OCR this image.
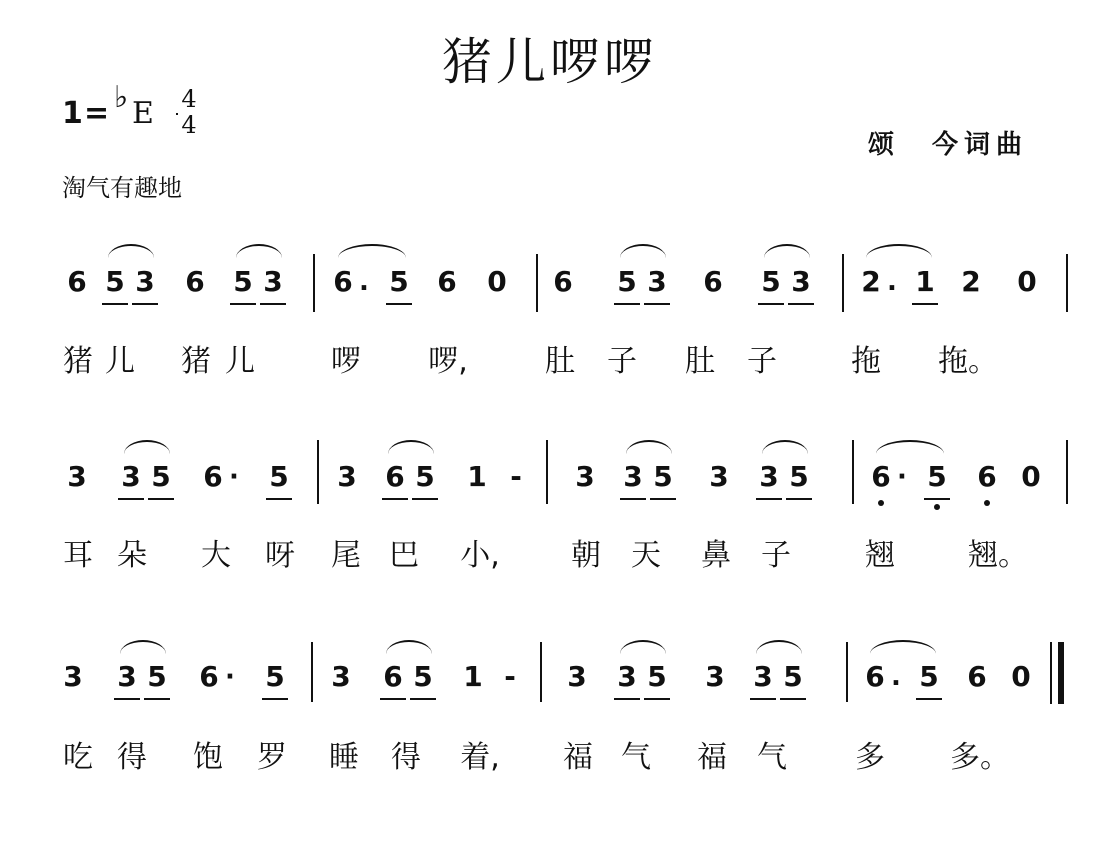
猪儿啰啰
1 = ♭ E 4
4
颂　今词曲
淘气有趣地
6 5 3 6 5 3 6 . 5 6 0 6 5 3 6 5 3 2 . 1 2 0
猪 儿 猪 儿	啰 啰,	肚 子 肚 子 拖 拖。
3 3 5 6 · 5 3 6 5 1 - 3 3 5 3 3 5 6 · 5 6 0
耳 朵 大 呀 尾 巴 小, 朝 天 鼻 子 翘 翘。
3 3 5 6 · 5 3 6 5 1 - 3 3 5 3 3 5 6 . 5 6 0
吃 得 饱 罗 睡 得 着, 福 气 福 气 多 多。
